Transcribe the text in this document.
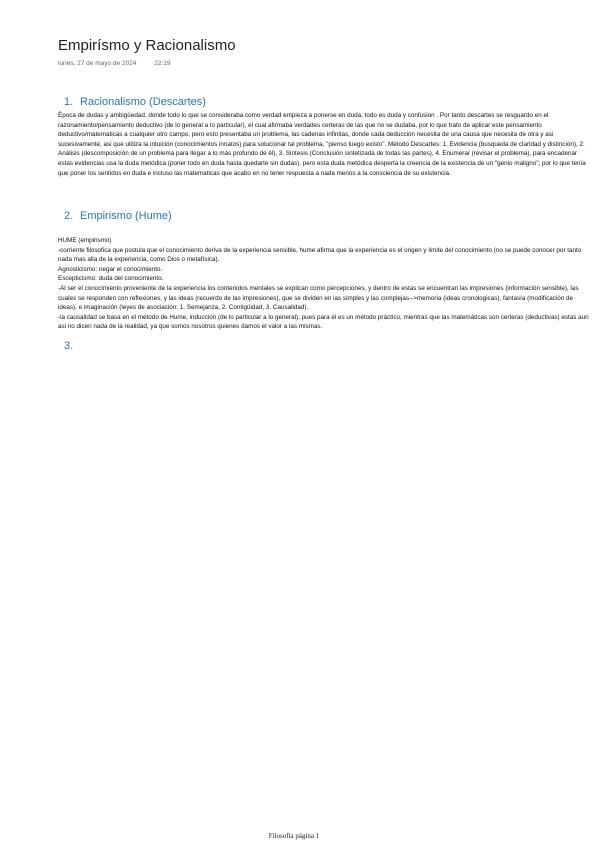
Empirísmo y Racionalismo
lunes, 27 de mayo de 2024	22:19
1. Racionalismo (Descartes)

Época de dudas y ambigüedad, donde todo lo que se consideraba como verdad empieza a ponerse en duda, todo es duda y confusion . Por tanto descartes se resguardo en el razonamiento/pensamiento deductivo (de lo general a lo particular), el cual afirmaba verdades certeras de las que no se dudaba, por lo que trato de aplicar este pensamiento deductivo/matematicas a cualquier otro campo, pero esto presentaba un problema, las cadenas infinitas, donde cada deducción necesita de una causa que necesita de otra y asi sucesivamente, asi que utiliza la intuición (conocimientos innatos) para solucionar tal problema, "pienso luego existo". Método Descartes: 1. Evidencia (busqueda de claridad y distinción), 2. Análisis (descomposición de un problema para llegar a lo más profundo de él), 3. Sintesis (Conclusión sintetizada de todas las partes), 4. Enumerar (revisar el problema), para encadenar estas evidencias usa la duda metódica (poner todo en duda hasta quedarte sin dudas), pero esta duda metódica desperta la creencia de la existencia de un "genio maligno", por lo que tenía que poner los sentidos en duda e incluso las matematicas que acabo en no tener respuesta a nada menos a la consciencia de su existencia.

2. Empirismo (Hume)

HUME (empirismo)

-corriente filosofica que postula que el conocimiento deriva de la experiencia sensible, hume afirma que la experiencia es el origen y limite del conocimiento (no se puede conocer por tanto nada mas alla de la experiencia, como Dios o metafísica).

Agnosticismo: negar el conocimiento.

Escepticismo: duda del conocimiento.

-Al ser el conocimiento proveniente de la experiencia los contenidos mentales se explican como percepciones, y dentro de estas se encuentran las impresiones (información sensible), las cuales se responden con reflexiones, y las ideas (recuerdo de las impresiones), que se dividen en las simples y las complejas-->memoria (ideas cronologicas), fantasía (modificación de ideas), e imaginación (leyes de asociación: 1. Semejanza, 2. Contigüidad, 3. Causalidad).

-la causalidad se basa en el método de Hume, inducción (de lo particular a lo general), pues para él es un método práctico, mientras que las matemáticas son certeras (deductivas) estas aun asi no dicen nada de la realidad, ya que somos nosotros quienes damos el valor a las mismas.

3.
Filosofía página 1
